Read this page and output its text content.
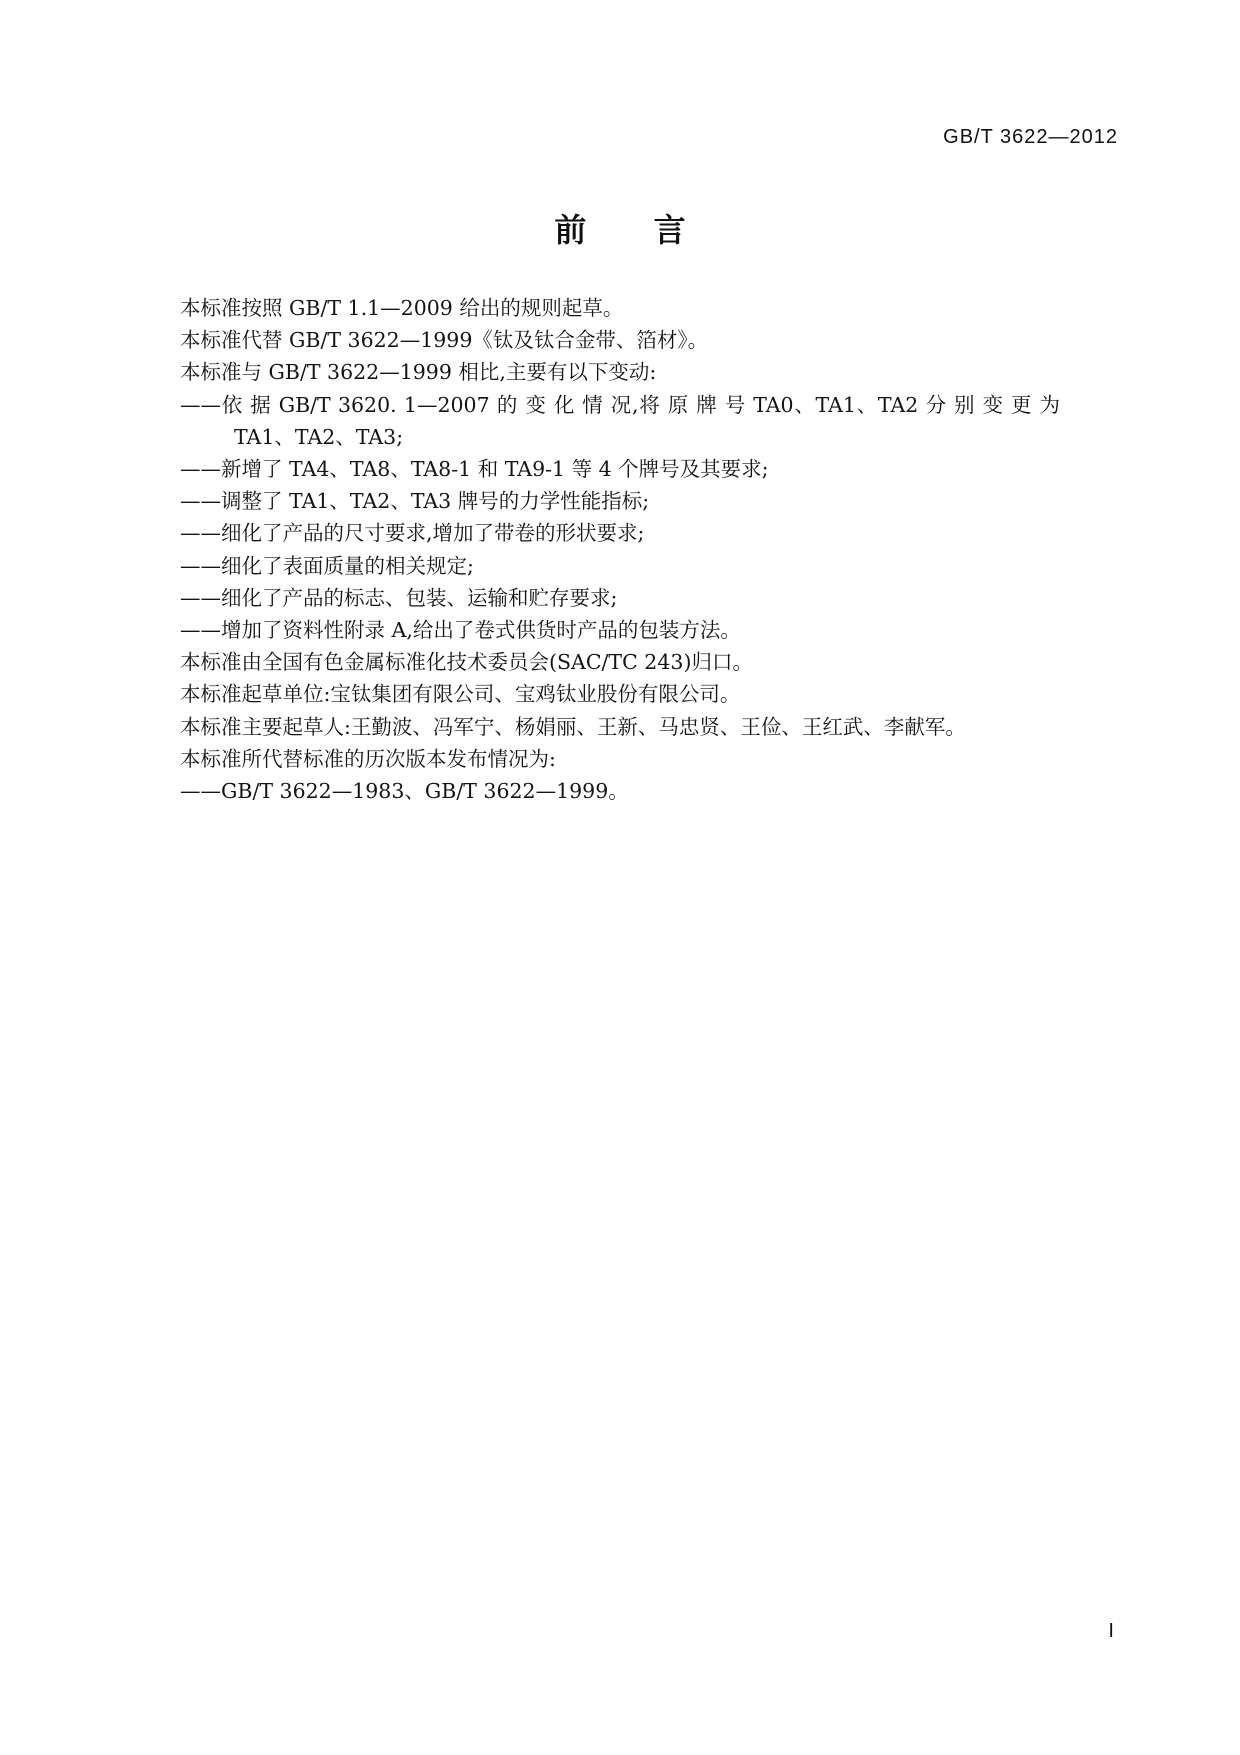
GB/T 3622—2012
前 言

本标准按照 GB/T 1.1—2009 给出的规则起草。

本标准代替 GB/T 3622—1999《钛及钛合金带、箔材》。

本标准与 GB/T 3622—1999 相比,主要有以下变动:

——依 据 GB/T 3620. 1—2007 的 变 化 情 况,将 原 牌 号 TA0、TA1、TA2 分 别 变 更 为 TA1、TA2、TA3;

——新增了 TA4、TA8、TA8-1 和 TA9-1 等 4 个牌号及其要求;

——调整了 TA1、TA2、TA3 牌号的力学性能指标;

——细化了产品的尺寸要求,增加了带卷的形状要求;

——细化了表面质量的相关规定;

——细化了产品的标志、包装、运输和贮存要求;

——增加了资料性附录 A,给出了卷式供货时产品的包装方法。

本标准由全国有色金属标准化技术委员会(SAC/TC 243)归口。

本标准起草单位:宝钛集团有限公司、宝鸡钛业股份有限公司。

本标准主要起草人:王勤波、冯军宁、杨娟丽、王新、马忠贤、王俭、王红武、李献军。

本标准所代替标准的历次版本发布情况为:

——GB/T 3622—1983、GB/T 3622—1999。

Ⅰ
